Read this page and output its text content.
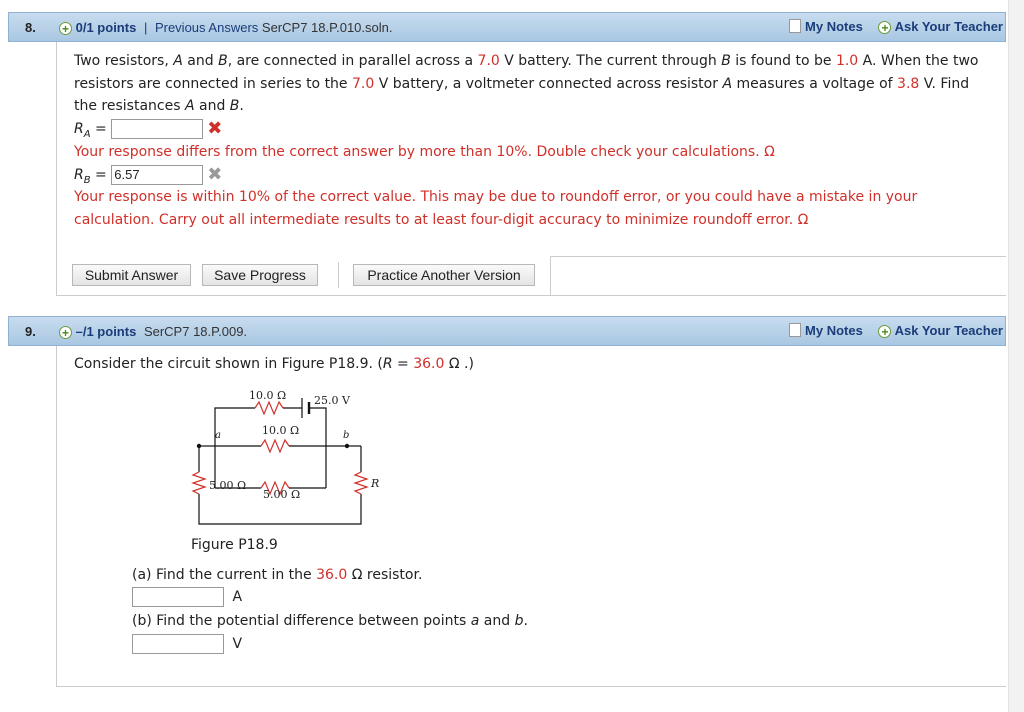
8. + 0/1 points | Previous Answers SerCP7 18.P.010.soln.	My Notes + Ask Your Teacher
Two resistors, A and B, are connected in parallel across a 7.0 V battery. The current through B is found to be 1.0 A. When the two resistors are connected in series to the 7.0 V battery, a voltmeter connected across resistor A measures a voltage of 3.8 V. Find the resistances A and B.
$R_A$ =	✖
Your response differs from the correct answer by more than 10%. Double check your calculations. Ω
$R_B = 6.57$	✖
Your response is within 10% of the correct value. This may be due to roundoff error, or you could have a mistake in your calculation. Carry out all intermediate results to at least four-digit accuracy to minimize roundoff error. Ω
Submit Answer	Save Progress	Practice Another Version
9. + –/1 points SerCP7 18.P.009.	My Notes + Ask Your Teacher
Consider the circuit shown in Figure P18.9. (R = 36.0 Ω .)
10.0 Ω	25.0 V
10.0 Ω
a	b
5.00 Ω
5.00 Ω
R
Figure P18.9
(a) Find the current in the 36.0 Ω resistor.
A
(b) Find the potential difference between points a and b.
V
